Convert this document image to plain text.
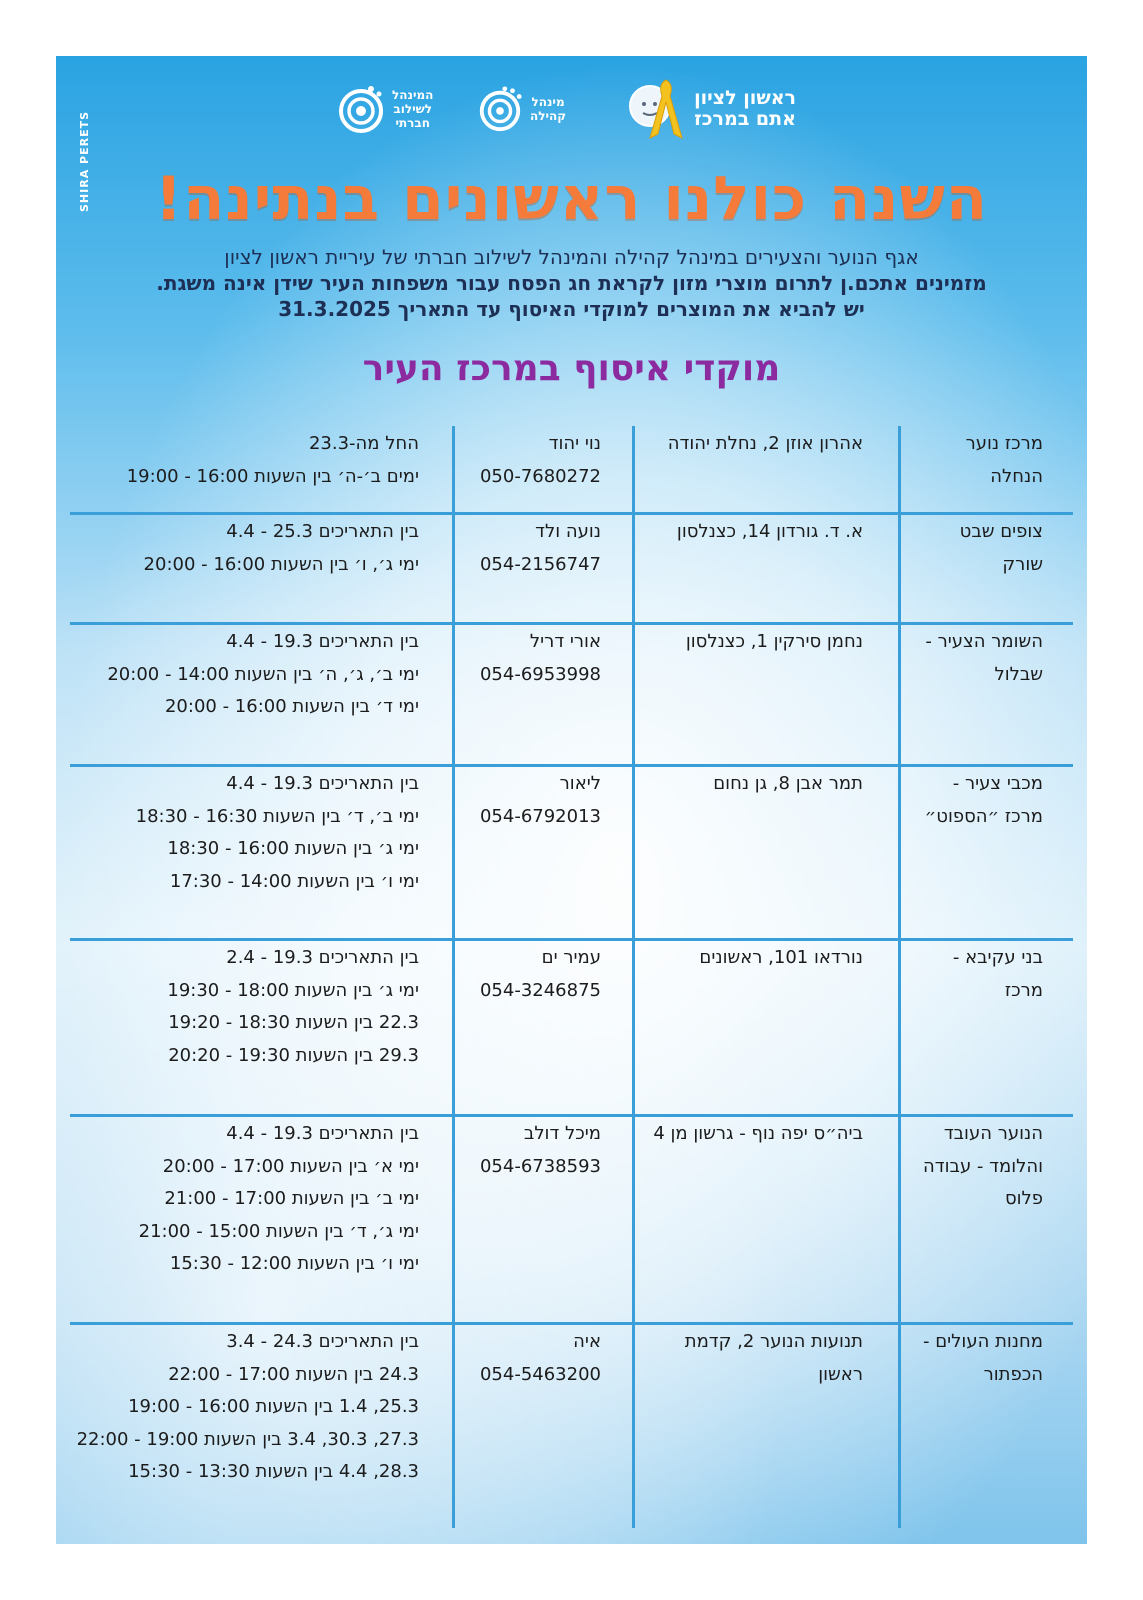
SHIRA PERETS
המינהל
לשילוב
חברתי
מינהל
קהילה
ראשון לציון
אתם במרכז
השנה כולנו ראשונים בנתינה!
אגף הנוער והצעירים במינהל קהילה והמינהל לשילוב חברתי של עיריית ראשון לציון
מזמינים אתכם.ן לתרום מוצרי מזון לקראת חג הפסח עבור משפחות העיר שידן אינה משגת.
יש להביא את המוצרים למוקדי האיסוף עד התאריך 31.3.2025
מוקדי איסוף במרכז העיר
מרכז נוער
הנחלה
אהרון אוזן 2, נחלת יהודה
נוי יהוד
050-7680272
החל מה-23.3
ימים ב׳-ה׳ בין השעות 16:00 - 19:00
צופים שבט
שורק
א. ד. גורדון 14, כצנלסון
נועה ולד
054-2156747
בין התאריכים 25.3 - 4.4
ימי ג׳, ו׳ בין השעות 16:00 - 20:00
השומר הצעיר -
שבלול
נחמן סירקין 1, כצנלסון
אורי דריל
054-6953998
בין התאריכים 19.3 - 4.4
ימי ב׳, ג׳, ה׳ בין השעות 14:00 - 20:00
ימי ד׳ בין השעות 16:00 - 20:00
מכבי צעיר -
מרכז ״הספוט״
תמר אבן 8, גן נחום
ליאור
054-6792013
בין התאריכים 19.3 - 4.4
ימי ב׳, ד׳ בין השעות 16:30 - 18:30
ימי ג׳ בין השעות 16:00 - 18:30
ימי ו׳ בין השעות 14:00 - 17:30
בני עקיבא -
מרכז
נורדאו 101, ראשונים
עמיר ים
054-3246875
בין התאריכים 19.3 - 2.4
ימי ג׳ בין השעות 18:00 - 19:30
22.3 בין השעות 18:30 - 19:20
29.3 בין השעות 19:30 - 20:20
הנוער העובד
והלומד - עבודה
פלוס
ביה״ס יפה נוף - גרשון מן 4
מיכל דולב
054-6738593
בין התאריכים 19.3 - 4.4
ימי א׳ בין השעות 17:00 - 20:00
ימי ב׳ בין השעות 17:00 - 21:00
ימי ג׳, ד׳ בין השעות 15:00 - 21:00
ימי ו׳ בין השעות 12:00 - 15:30
מחנות העולים -
הכפתור
תנועות הנוער 2, קדמת
ראשון
איה
054-5463200
בין התאריכים 24.3 - 3.4
24.3 בין השעות 17:00 - 22:00
25.3, 1.4 בין השעות 16:00 - 19:00
27.3, 30.3, 3.4 בין השעות 19:00 - 22:00
28.3, 4.4 בין השעות 13:30 - 15:30
